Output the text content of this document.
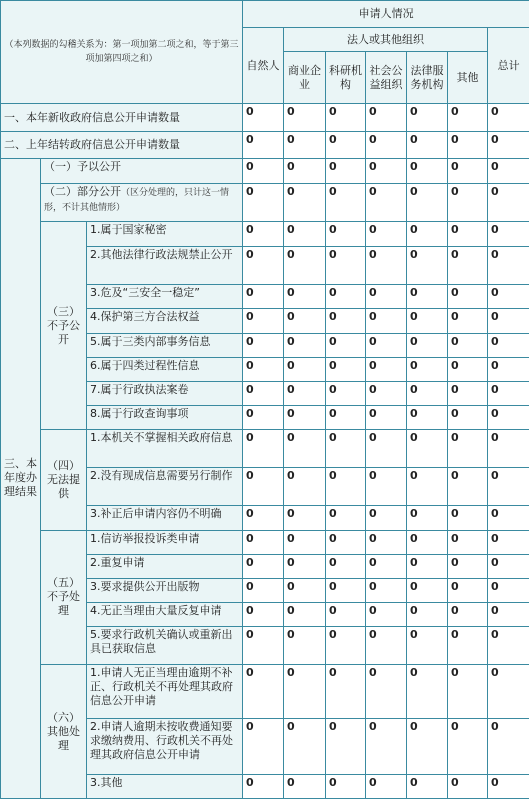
（本列数据的勾稽关系为：第一项加第二项之和，等于第三项加第四项之和）			申请人情况						
			自然人	法人或其他组织					总计
				商业企业	科研机构	社会公益组织	法律服务机构	其他	
一、本年新收政府信息公开申请数量			0	0	0	0	0	0	0
二、上年结转政府信息公开申请数量			0	0	0	0	0	0	0
三、本年度办理结果	（一）予以公开		0	0	0	0	0	0	0
	（二）部分公开（区分处理的，只计这一情形，不计其他情形）		0	0	0	0	0	0	0
	（三）不予公开	1.属于国家秘密	0	0	0	0	0	0	0
		2.其他法律行政法规禁止公开	0	0	0	0	0	0	0
		3.危及“三安全一稳定”	0	0	0	0	0	0	0
		4.保护第三方合法权益	0	0	0	0	0	0	0
		5.属于三类内部事务信息	0	0	0	0	0	0	0
		6.属于四类过程性信息	0	0	0	0	0	0	0
		7.属于行政执法案卷	0	0	0	0	0	0	0
		8.属于行政查询事项	0	0	0	0	0	0	0
	（四）无法提供	1.本机关不掌握相关政府信息	0	0	0	0	0	0	0
		2.没有现成信息需要另行制作	0	0	0	0	0	0	0
		3.补正后申请内容仍不明确	0	0	0	0	0	0	0
	（五）不予处理	1.信访举报投诉类申请	0	0	0	0	0	0	0
		2.重复申请	0	0	0	0	0	0	0
		3.要求提供公开出版物	0	0	0	0	0	0	0
		4.无正当理由大量反复申请	0	0	0	0	0	0	0
		5.要求行政机关确认或重新出具已获取信息	0	0	0	0	0	0	0
	（六）其他处理	1.申请人无正当理由逾期不补正、行政机关不再处理其政府信息公开申请	0	0	0	0	0	0	0
		2.申请人逾期未按收费通知要求缴纳费用、行政机关不再处理其政府信息公开申请	0	0	0	0	0	0	0
		3.其他	0	0	0	0	0	0	0
